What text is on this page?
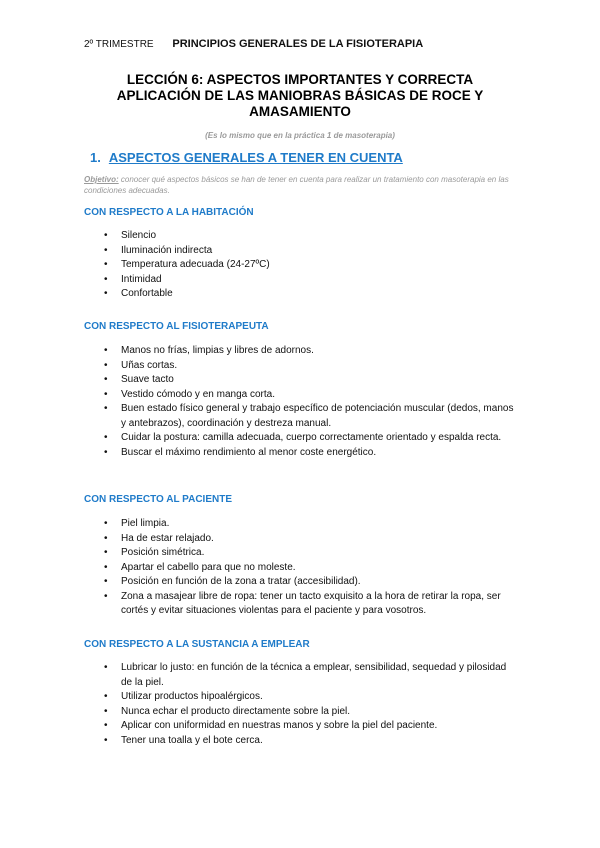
2º TRIMESTRE PRINCIPIOS GENERALES DE LA FISIOTERAPIA
LECCIÓN 6: ASPECTOS IMPORTANTES Y CORRECTA APLICACIÓN DE LAS MANIOBRAS BÁSICAS DE ROCE Y AMASAMIENTO
(Es lo mismo que en la práctica 1 de masoterapia)
1. ASPECTOS GENERALES A TENER EN CUENTA
Objetivo: conocer qué aspectos básicos se han de tener en cuenta para realizar un tratamiento con masoterapia en las condiciones adecuadas.
CON RESPECTO A LA HABITACIÓN
• Silencio
• Iluminación indirecta
• Temperatura adecuada (24-27ºC)
• Intimidad
• Confortable
CON RESPECTO AL FISIOTERAPEUTA
• Manos no frías, limpias y libres de adornos.
• Uñas cortas.
• Suave tacto
• Vestido cómodo y en manga corta.
• Buen estado físico general y trabajo específico de potenciación muscular (dedos, manos y antebrazos), coordinación y destreza manual.
• Cuidar la postura: camilla adecuada, cuerpo correctamente orientado y espalda recta.
• Buscar el máximo rendimiento al menor coste energético.
CON RESPECTO AL PACIENTE
• Piel limpia.
• Ha de estar relajado.
• Posición simétrica.
• Apartar el cabello para que no moleste.
• Posición en función de la zona a tratar (accesibilidad).
• Zona a masajear libre de ropa: tener un tacto exquisito a la hora de retirar la ropa, ser cortés y evitar situaciones violentas para el paciente y para vosotros.
CON RESPECTO A LA SUSTANCIA A EMPLEAR
• Lubricar lo justo: en función de la técnica a emplear, sensibilidad, sequedad y pilosidad de la piel.
• Utilizar productos hipoalérgicos.
• Nunca echar el producto directamente sobre la piel.
• Aplicar con uniformidad en nuestras manos y sobre la piel del paciente.
• Tener una toalla y el bote cerca.
